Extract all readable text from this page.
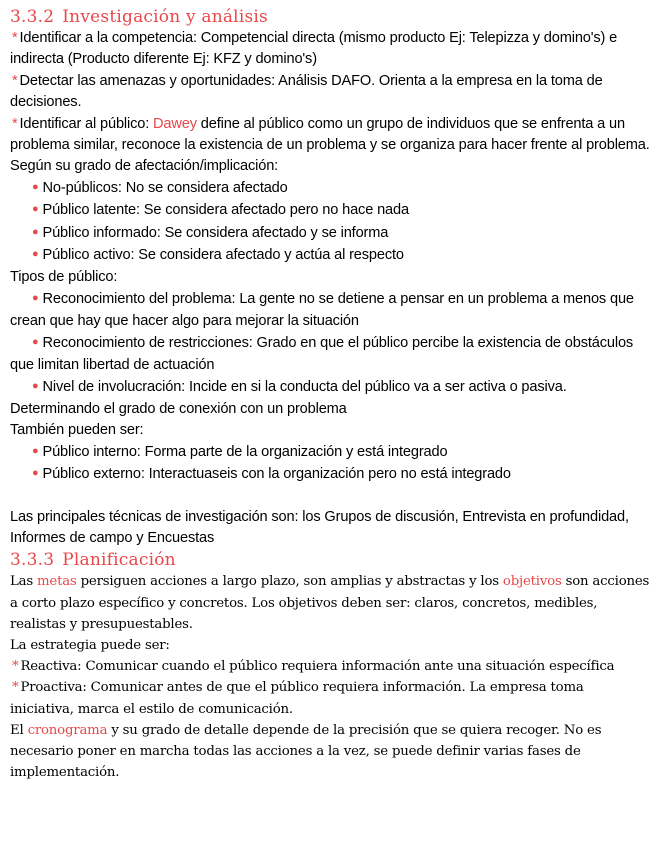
3.3.2 Investigación y análisis

* Identificar a la competencia: Competencial directa (mismo producto Ej: Telepizza y domino's) e indirecta (Producto diferente Ej: KFZ y domino's)

* Detectar las amenazas y oportunidades: Análisis DAFO. Orienta a la empresa en la toma de decisiones.

* Identificar al público: Dawey define al público como un grupo de individuos que se enfrenta a un problema similar, reconoce la existencia de un problema y se organiza para hacer frente al problema.

Según su grado de afectación/implicación:

● No-públicos: No se considera afectado

● Público latente: Se considera afectado pero no hace nada

● Público informado: Se considera afectado y se informa

● Público activo: Se considera afectado y actúa al respecto

Tipos de público:

● Reconocimiento del problema: La gente no se detiene a pensar en un problema a menos que crean que hay que hacer algo para mejorar la situación

● Reconocimiento de restricciones: Grado en que el público percibe la existencia de obstáculos que limitan libertad de actuación

● Nivel de involucración: Incide en si la conducta del público va a ser activa o pasiva.

Determinando el grado de conexión con un problema

También pueden ser:

● Público interno: Forma parte de la organización y está integrado

● Público externo: Interactuaseis con la organización pero no está integrado

Las principales técnicas de investigación son: los Grupos de discusión, Entrevista en profundidad, Informes de campo y Encuestas

3.3.3 Planificación

Las metas persiguen acciones a largo plazo, son amplias y abstractas y los objetivos son acciones a corto plazo específico y concretos. Los objetivos deben ser: claros, concretos, medibles, realistas y presupuestables.

La estrategia puede ser:

* Reactiva: Comunicar cuando el público requiera información ante una situación específica

* Proactiva: Comunicar antes de que el público requiera información. La empresa toma iniciativa, marca el estilo de comunicación.

El cronograma y su grado de detalle depende de la precisión que se quiera recoger. No es necesario poner en marcha todas las acciones a la vez, se puede definir varias fases de implementación.
